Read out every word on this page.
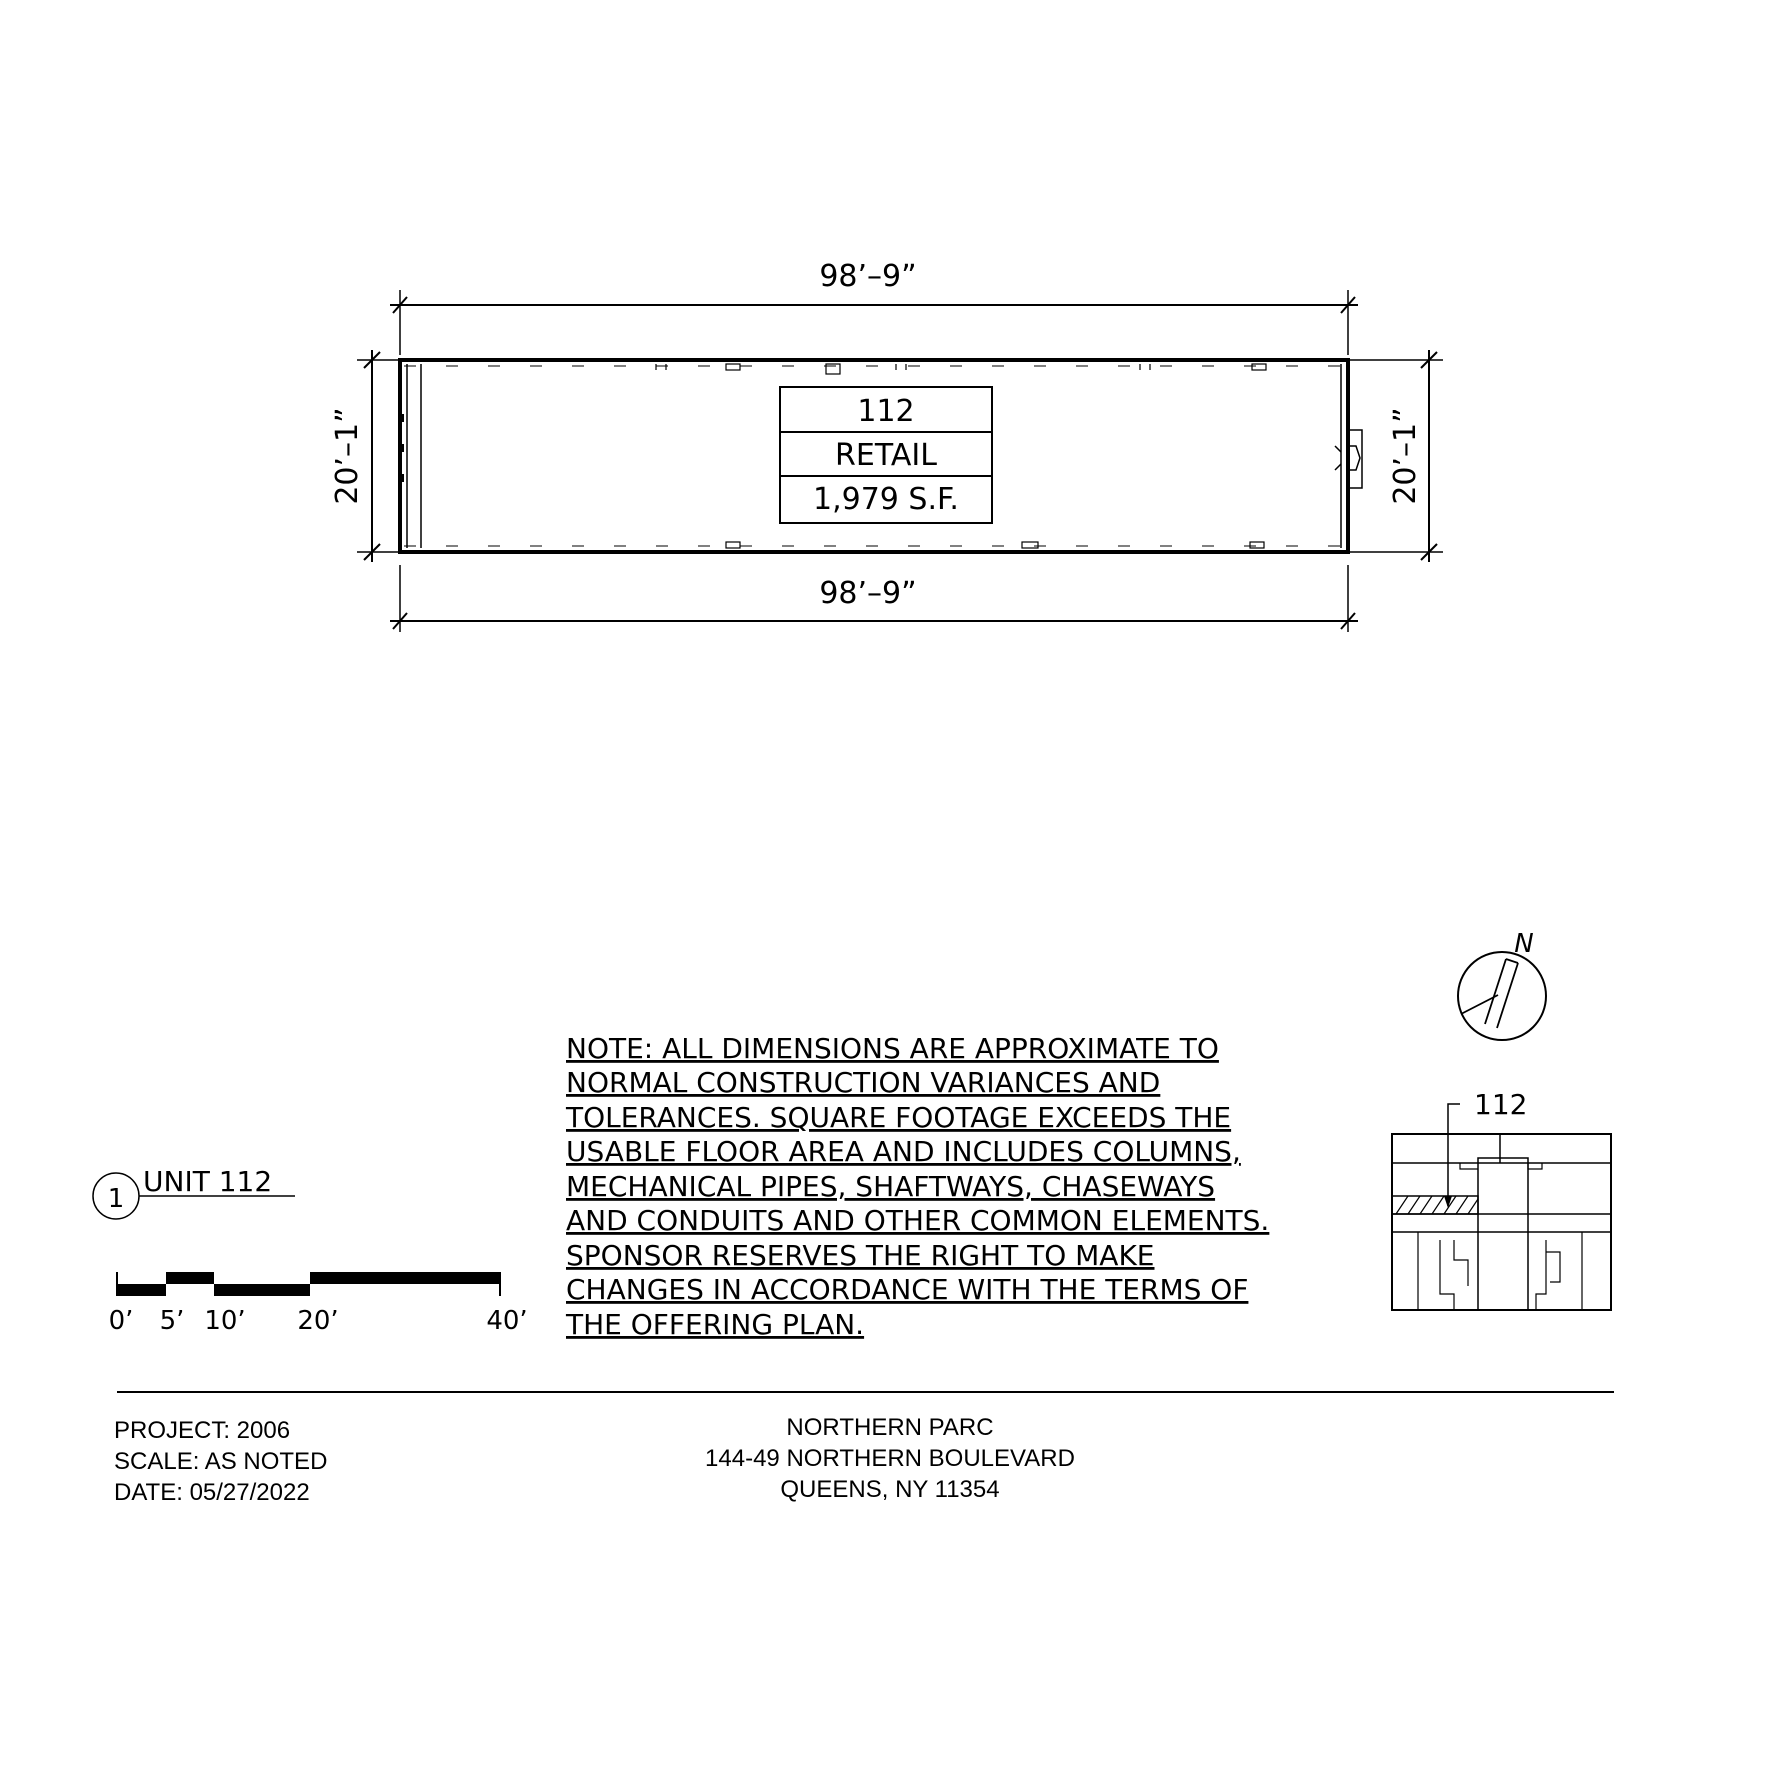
98’–9”
98’–9”
20’–1”	20’–1”
112
RETAIL
1,979 S.F.
N
112
1
UNIT 112
0’ 5’ 10’ 20’	40’
NOTE: ALL DIMENSIONS ARE APPROXIMATE TO
NORMAL CONSTRUCTION VARIANCES AND
TOLERANCES. SQUARE FOOTAGE EXCEEDS THE
USABLE FLOOR AREA AND INCLUDES COLUMNS,
MECHANICAL PIPES, SHAFTWAYS, CHASEWAYS
AND CONDUITS AND OTHER COMMON ELEMENTS.
SPONSOR RESERVES THE RIGHT TO MAKE
CHANGES IN ACCORDANCE WITH THE TERMS OF
THE OFFERING PLAN.
PROJECT: 2006
SCALE: AS NOTED
DATE: 05/27/2022
NORTHERN PARC
144-49 NORTHERN BOULEVARD
QUEENS, NY 11354
